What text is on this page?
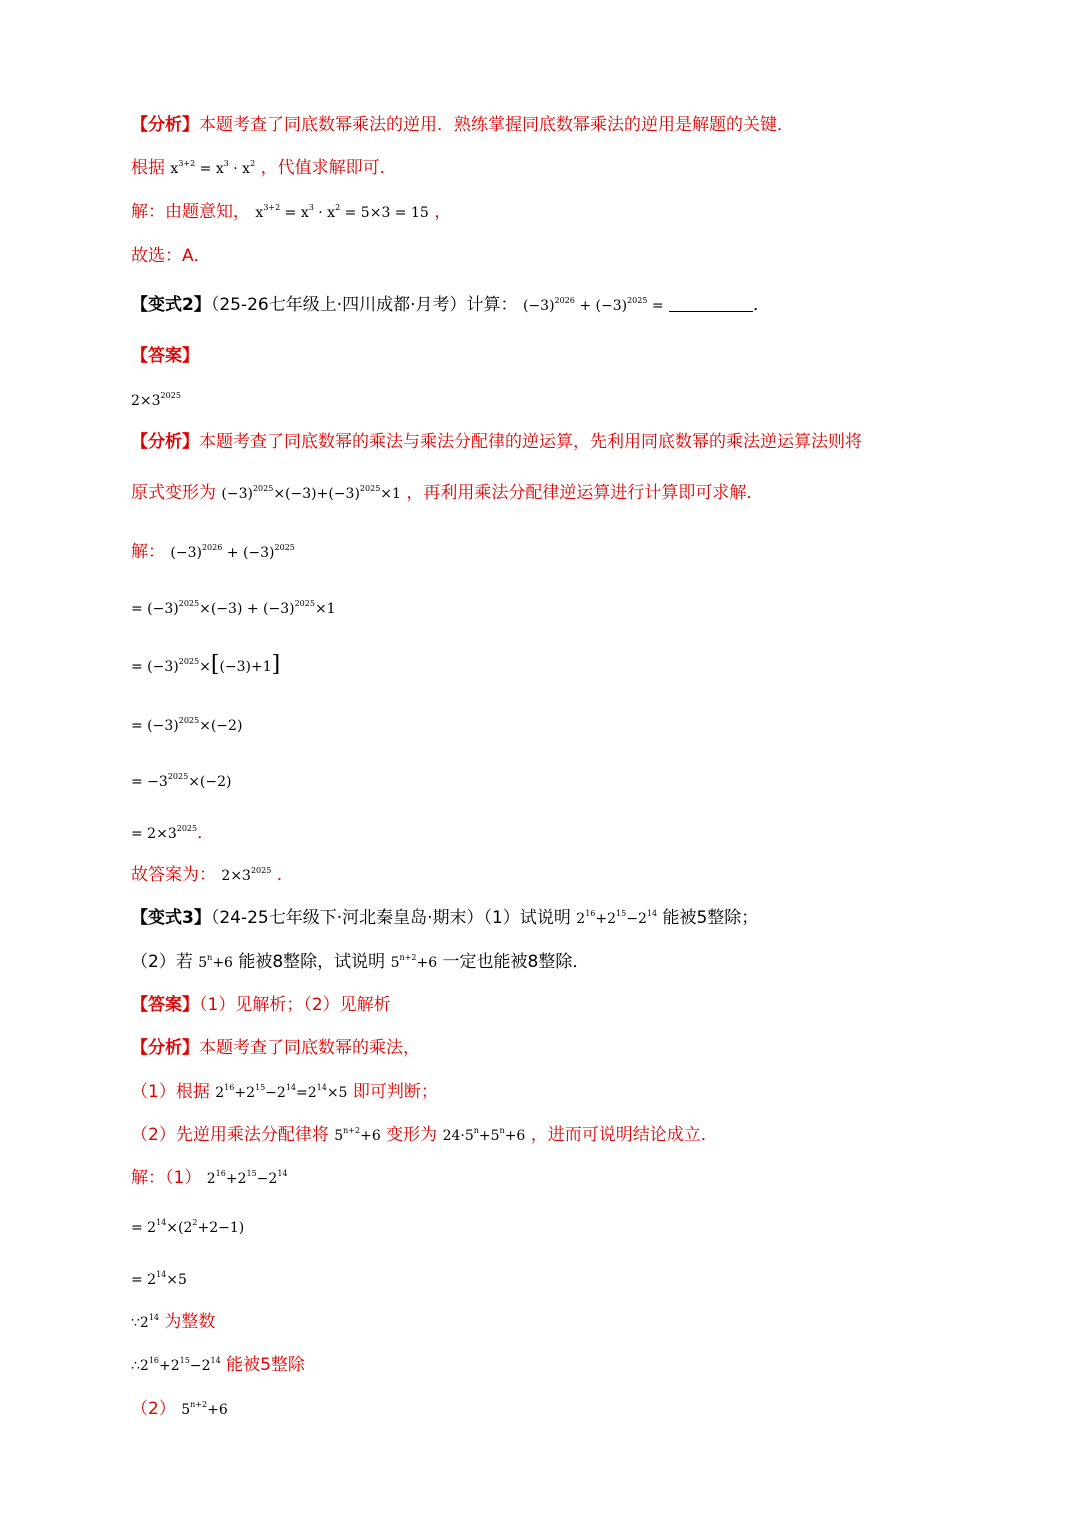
【分析】本题考查了同底数幂乘法的逆用．熟练掌握同底数幂乘法的逆用是解题的关键．
根据 $x^{3+2} = x^3 \cdot x^2$ ，代值求解即可．
解：由题意知， $x^{3+2} = x^3 \cdot x^2 = 5\times 3 = 15$ ，
故选：A．
【变式2】（25-26七年级上·四川成都·月考）计算： $(-3)^{2026} + (-3)^{2025}$ =	．
【答案】
$2\times 3^{2025}$
【分析】本题考查了同底数幂的乘法与乘法分配律的逆运算，先利用同底数幂的乘法逆运算法则将
原式变形为 $(-3)^{2025}\times(-3)+(-3)^{2025}\times 1$ ，再利用乘法分配律逆运算进行计算即可求解．
解： $(-3)^{2026} + (-3)^{2025}$
= $(-3)^{2025}\times(-3) + (-3)^{2025}\times 1$
= $(-3)^{2025}\times[(-3)+1]$
= $(-3)^{2025}\times(-2)$
= $-3^{2025}\times(-2)$
= $2\times 3^{2025}$．
故答案为： $2\times 3^{2025}$ ．
【变式3】（24-25七年级下·河北秦皇岛·期末）（1）试说明 $2^{16}+2^{15}-2^{14}$ 能被5整除；
（2）若 $5^n+6$ 能被8整除，试说明 $5^{n+2}+6$ 一定也能被8整除．
【答案】（1）见解析；（2）见解析
【分析】本题考查了同底数幂的乘法，
（1）根据 $2^{16}+2^{15}-2^{14}=2^{14}\times 5$ 即可判断；
（2）先逆用乘法分配律将 $5^{n+2}+6$ 变形为 $24\cdot 5^n+5^n+6$ ，进而可说明结论成立．
解：（1） $2^{16}+2^{15}-2^{14}$
= $2^{14}\times(2^2+2-1)$
= $2^{14}\times 5$
$\because 2^{14}$ 为整数
$\therefore 2^{16}+2^{15}-2^{14}$ 能被5整除
（2） $5^{n+2}+6$
